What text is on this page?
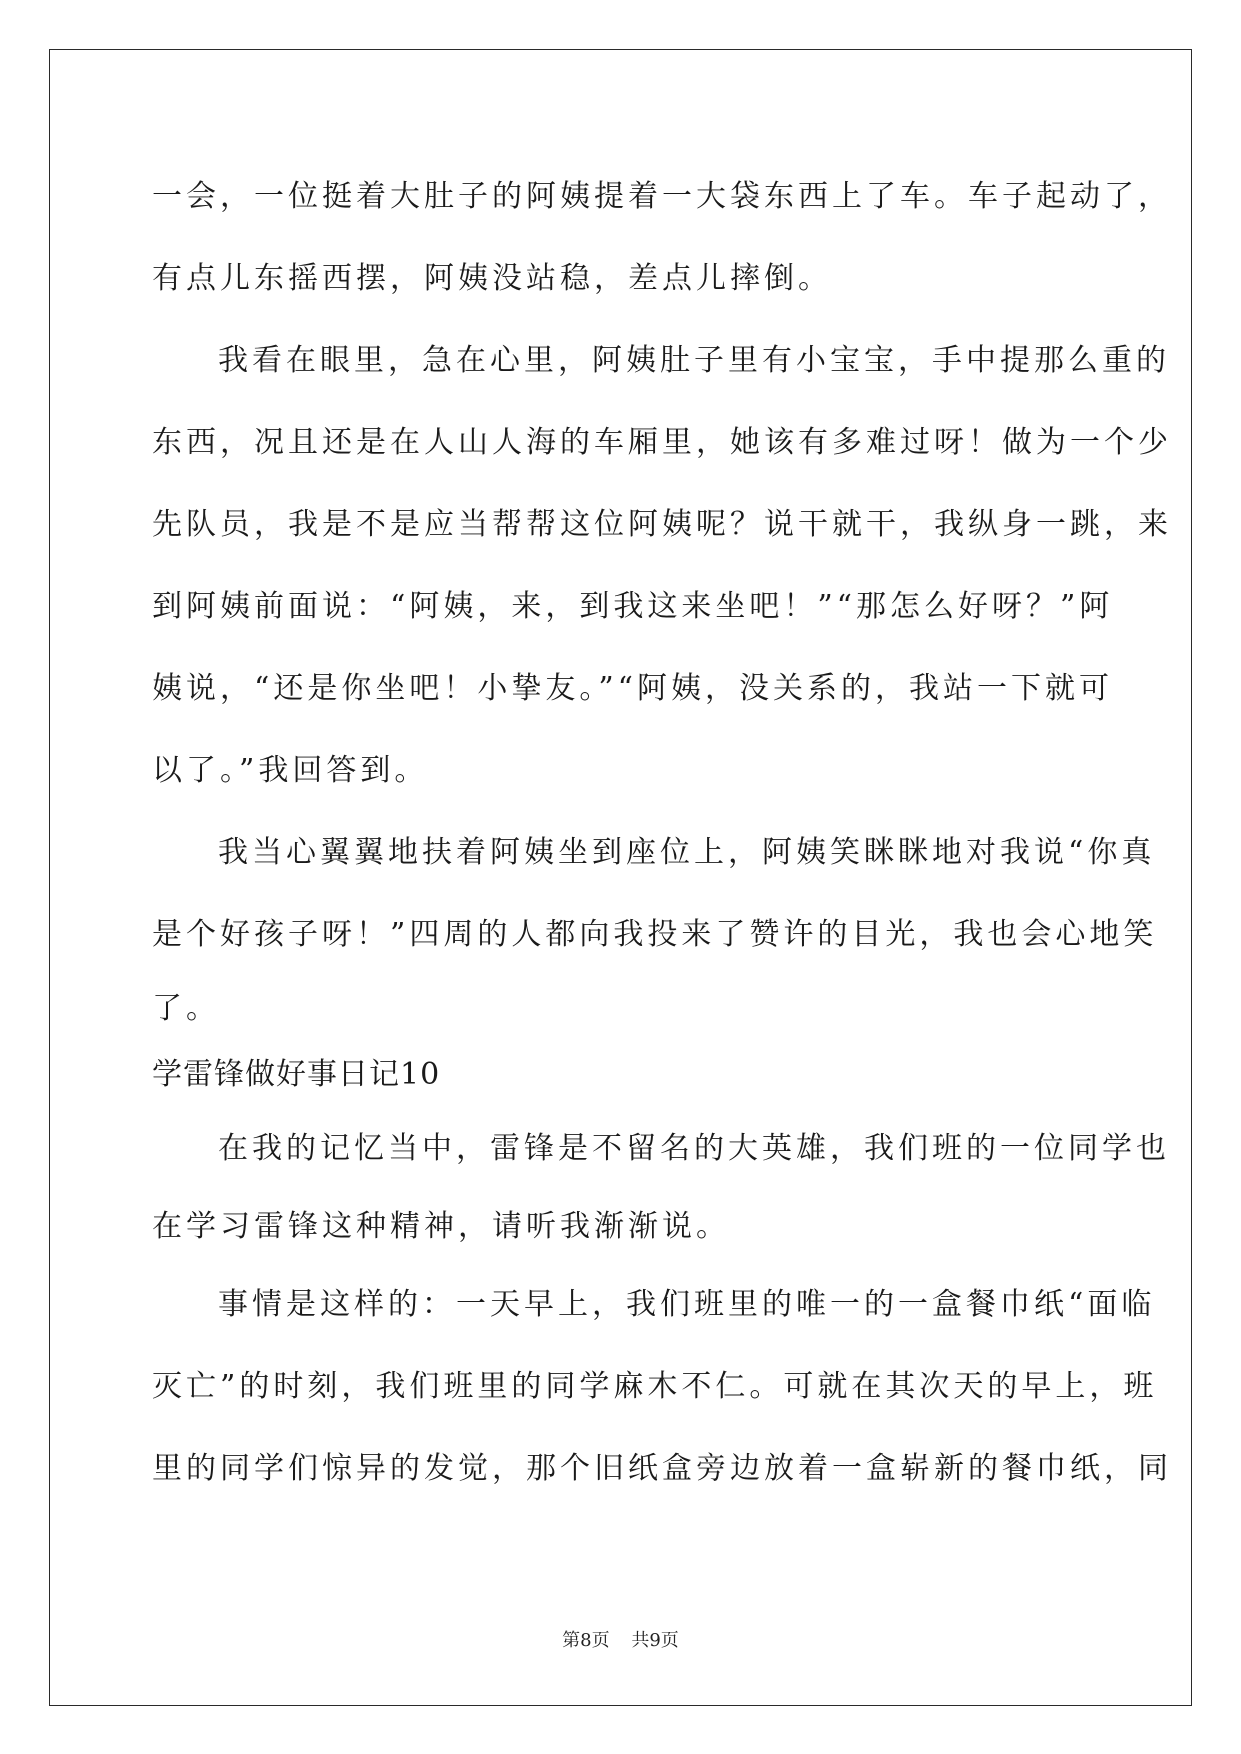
一会，一位挺着大肚子的阿姨提着一大袋东西上了车。车子起动了，
有点儿东摇西摆，阿姨没站稳，差点儿摔倒。
我看在眼里，急在心里，阿姨肚子里有小宝宝，手中提那么重的
东西，况且还是在人山人海的车厢里，她该有多难过呀！做为一个少
先队员，我是不是应当帮帮这位阿姨呢？说干就干，我纵身一跳，来
到阿姨前面说：“阿姨，来，到我这来坐吧！”“那怎么好呀？”阿
姨说，“还是你坐吧！小挚友。”“阿姨，没关系的，我站一下就可
以了。”我回答到。
我当心翼翼地扶着阿姨坐到座位上，阿姨笑眯眯地对我说“你真
是个好孩子呀！”四周的人都向我投来了赞许的目光，我也会心地笑
了。
学雷锋做好事日记10
在我的记忆当中，雷锋是不留名的大英雄，我们班的一位同学也
在学习雷锋这种精神，请听我渐渐说。
事情是这样的：一天早上，我们班里的唯一的一盒餐巾纸“面临
灭亡”的时刻，我们班里的同学麻木不仁。可就在其次天的早上，班
里的同学们惊异的发觉，那个旧纸盒旁边放着一盒崭新的餐巾纸，同
第8页 共9页
